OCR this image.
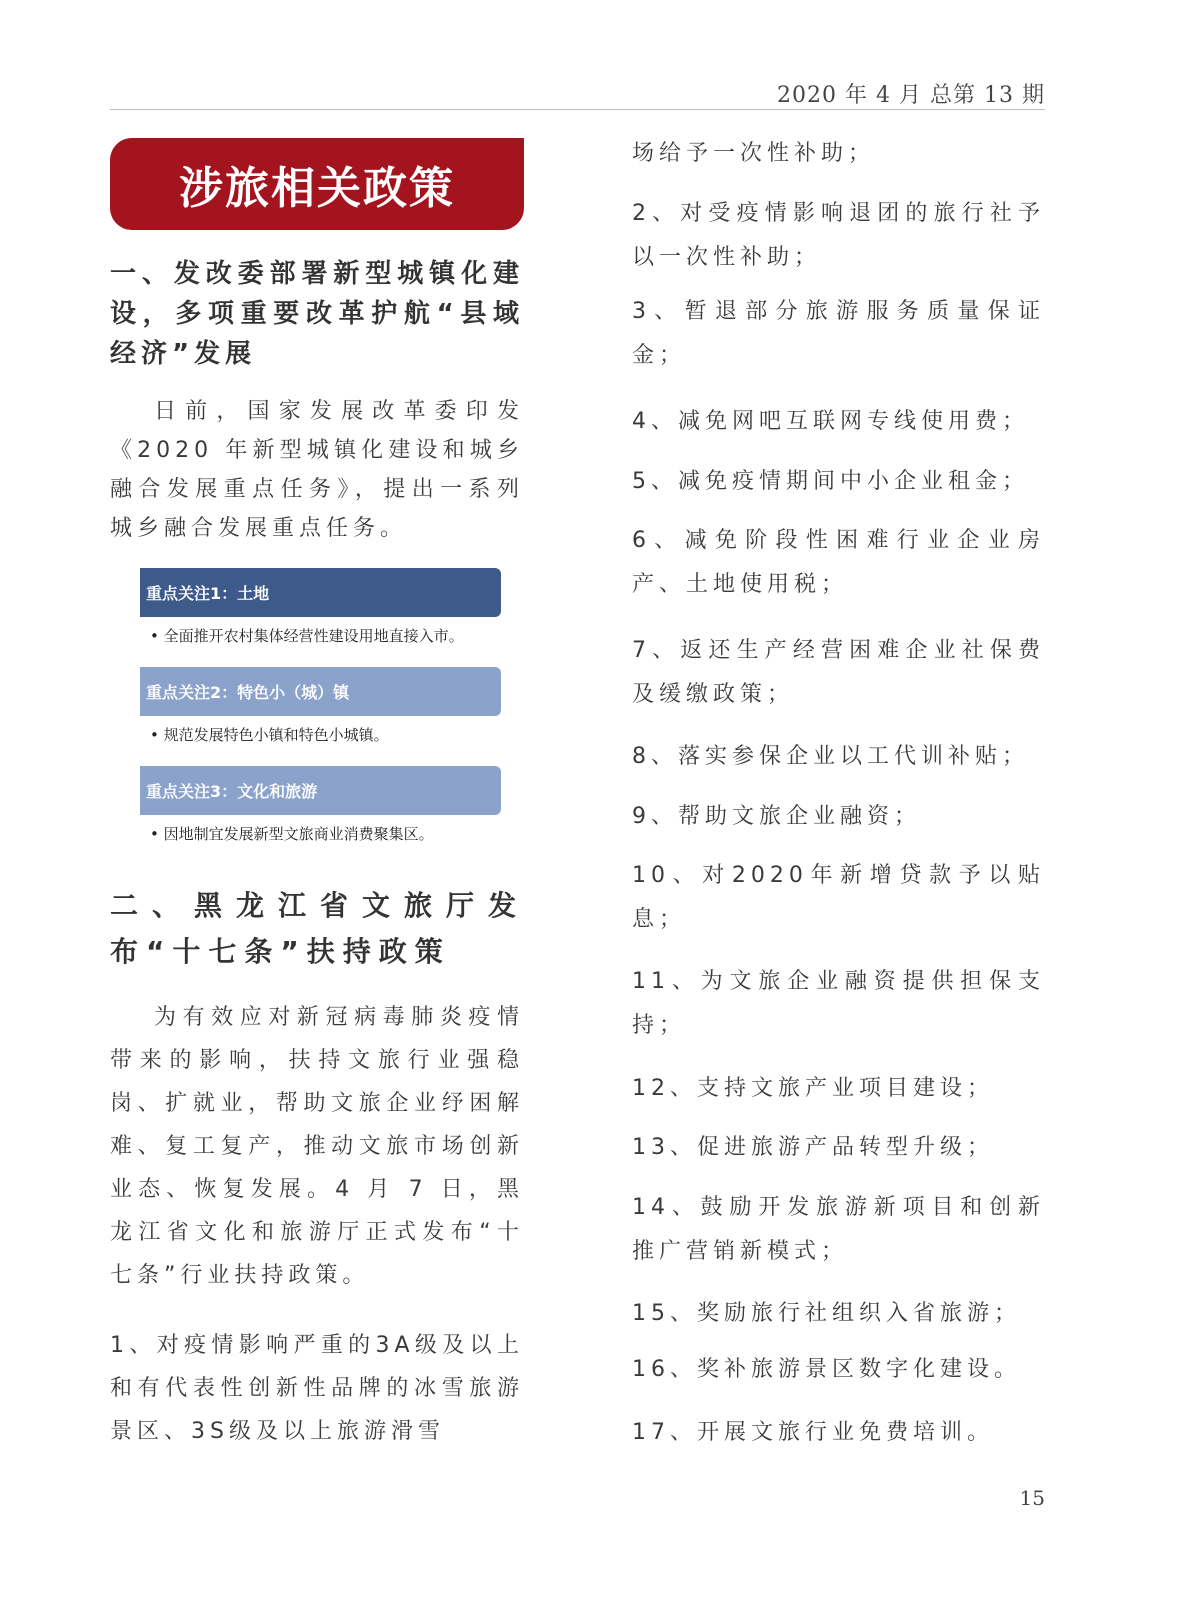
2020 年 4 月 总第 13 期
涉旅相关政策
一、发改委部署新型城镇化建设，多项重要改革护航“县域经济”发展

日前，国家发展改革委印发《2020 年新型城镇化建设和城乡融合发展重点任务》，提出一系列城乡融合发展重点任务。

重点关注1：土地
• 全面推开农村集体经营性建设用地直接入市。
重点关注2：特色小（城）镇
• 规范发展特色小镇和特色小城镇。
重点关注3：文化和旅游
• 因地制宜发展新型文旅商业消费聚集区。
二、黑龙江省文旅厅发布“十七条”扶持政策

为有效应对新冠病毒肺炎疫情带来的影响，扶持文旅行业强稳岗、扩就业，帮助文旅企业纾困解难、复工复产，推动文旅市场创新业态、恢复发展。4 月 7 日，黑龙江省文化和旅游厅正式发布“十七条”行业扶持政策。

1、对疫情影响严重的3A级及以上和有代表性创新性品牌的冰雪旅游景区、3S级及以上旅游滑雪
场给予一次性补助；
2、对受疫情影响退团的旅行社予以一次性补助；
3、暂退部分旅游服务质量保证金；
4、减免网吧互联网专线使用费；
5、减免疫情期间中小企业租金；
6、减免阶段性困难行业企业房产、土地使用税；
7、返还生产经营困难企业社保费及缓缴政策；
8、落实参保企业以工代训补贴；
9、帮助文旅企业融资；
10、对2020年新增贷款予以贴息；
11、为文旅企业融资提供担保支持；
12、支持文旅产业项目建设；
13、促进旅游产品转型升级；
14、鼓励开发旅游新项目和创新推广营销新模式；
15、奖励旅行社组织入省旅游；
16、奖补旅游景区数字化建设。
17、开展文旅行业免费培训。
15
